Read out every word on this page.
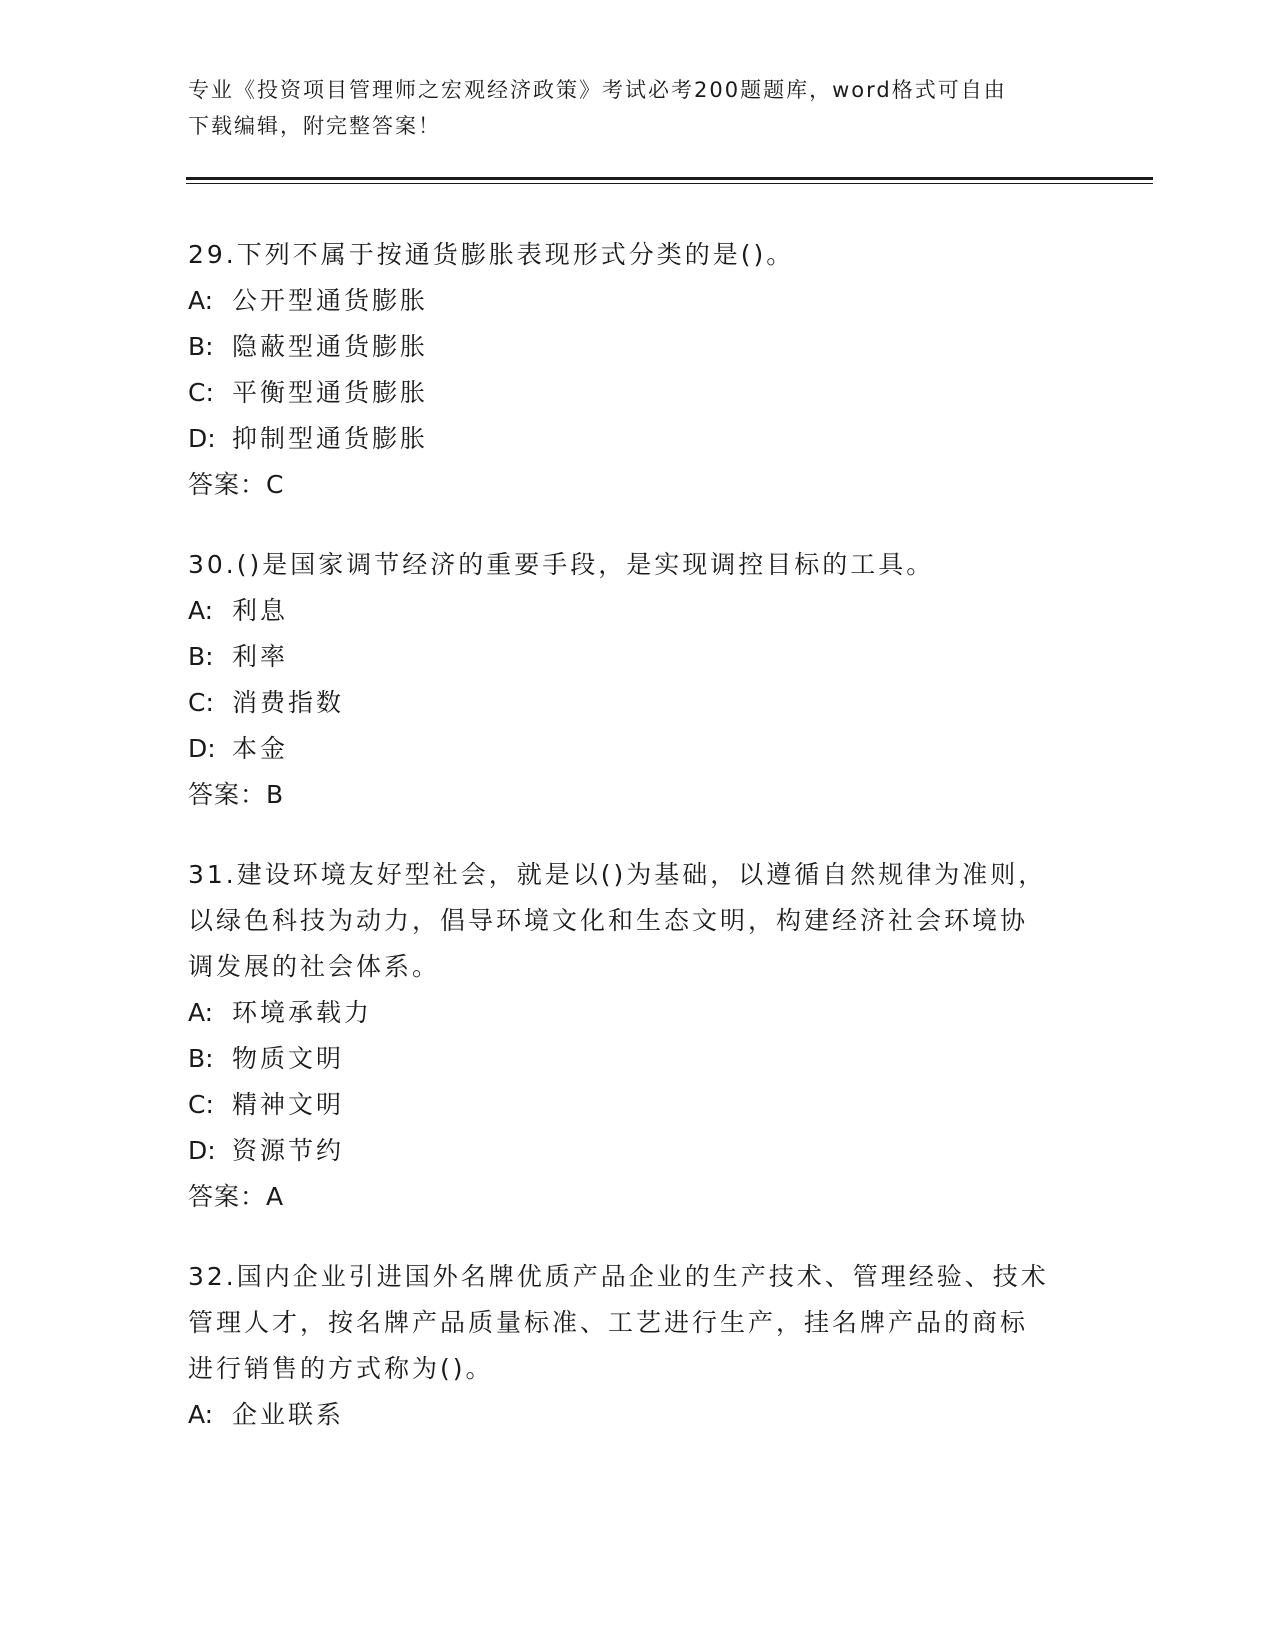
专业《投资项目管理师之宏观经济政策》考试必考200题题库，word格式可自由
下载编辑，附完整答案！
29.下列不属于按通货膨胀表现形式分类的是()。
A: 公开型通货膨胀
B: 隐蔽型通货膨胀
C: 平衡型通货膨胀
D: 抑制型通货膨胀
答案：C
30.()是国家调节经济的重要手段，是实现调控目标的工具。
A: 利息
B: 利率
C: 消费指数
D: 本金
答案：B
31.建设环境友好型社会，就是以()为基础，以遵循自然规律为准则，
以绿色科技为动力，倡导环境文化和生态文明，构建经济社会环境协
调发展的社会体系。
A: 环境承载力
B: 物质文明
C: 精神文明
D: 资源节约
答案：A
32.国内企业引进国外名牌优质产品企业的生产技术、管理经验、技术
管理人才，按名牌产品质量标准、工艺进行生产，挂名牌产品的商标
进行销售的方式称为()。
A: 企业联系
